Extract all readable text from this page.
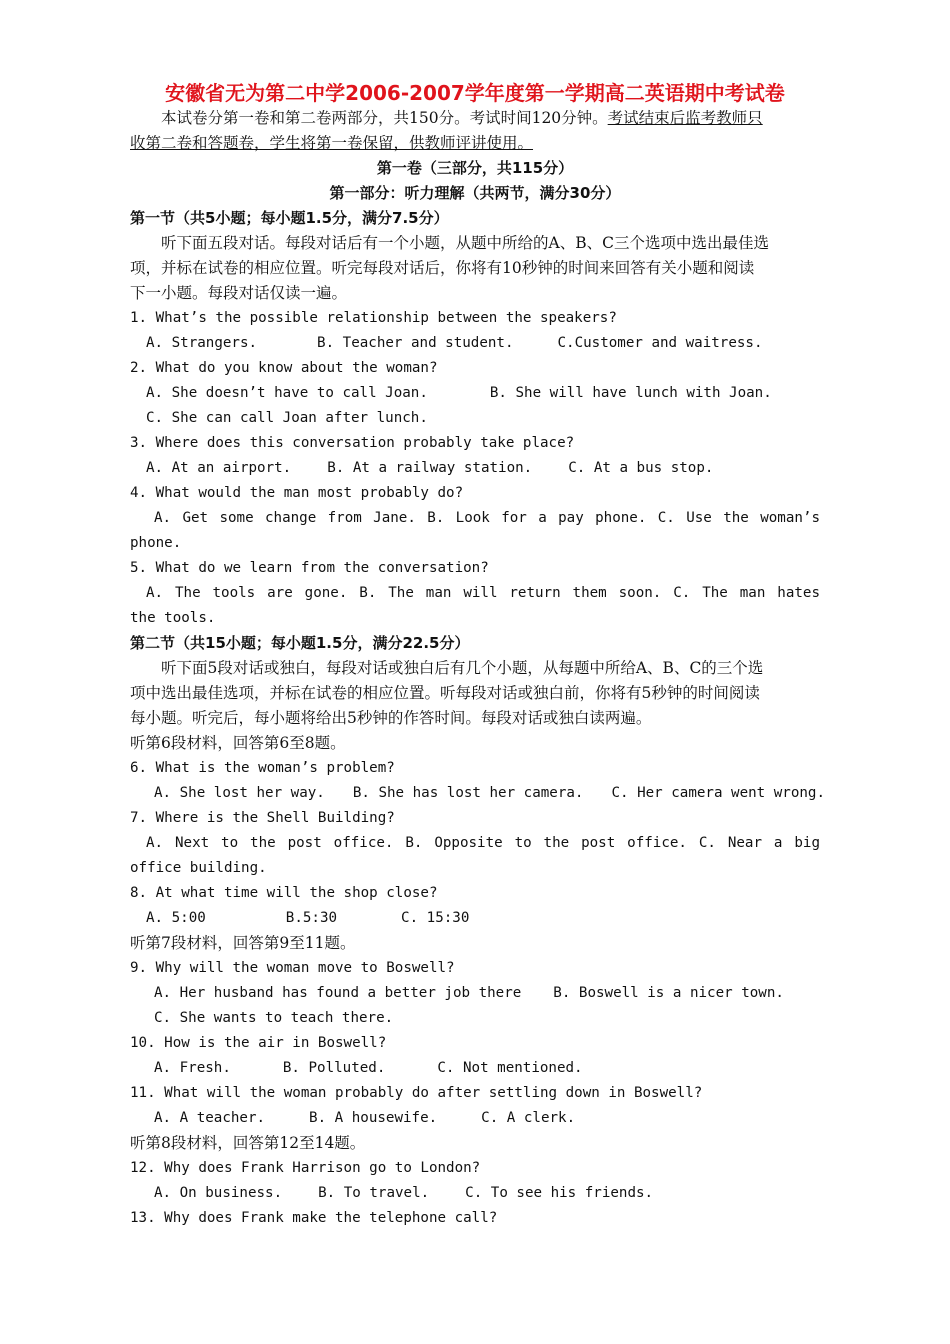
安徽省无为第二中学2006-2007学年度第一学期高二英语期中考试卷
本试卷分第一卷和第二卷两部分，共150分。考试时间120分钟。考试结束后监考教师只
收第二卷和答题卷，学生将第一卷保留，供教师评讲使用。
第一卷（三部分，共115分）
第一部分：听力理解（共两节，满分30分）
第一节（共5小题；每小题1.5分，满分7.5分）
听下面五段对话。每段对话后有一个小题，从题中所给的A、B、C三个选项中选出最佳选
项，并标在试卷的相应位置。听完每段对话后，你将有10秒钟的时间来回答有关小题和阅读
下一小题。每段对话仅读一遍。
1. What’s the possible relationship between the speakers?
A. Strangers.	B. Teacher and student.	C.Customer and waitress.
2. What do you know about the woman?
A. She doesn’t have to call Joan.	B. She will have lunch with Joan.
C. She can call Joan after lunch.
3. Where does this conversation probably take place?
A. At an airport.	B. At a railway station.	C. At a bus stop.
4. What would the man most probably do?
A. Get some change from Jane. B. Look for a pay phone. C. Use the woman’s
phone.
5. What do we learn from the conversation?
A. The tools are gone. B. The man will return them soon. C. The man hates
the tools.
第二节（共15小题；每小题1.5分，满分22.5分）
听下面5段对话或独白，每段对话或独白后有几个小题，从每题中所给A、B、C的三个选
项中选出最佳选项，并标在试卷的相应位置。听每段对话或独白前，你将有5秒钟的时间阅读
每小题。听完后，每小题将给出5秒钟的作答时间。每段对话或独白读两遍。
听第6段材料，回答第6至8题。
6. What is the woman’s problem?
A. She lost her way. B. She has lost her camera. C. Her camera went wrong.
7. Where is the Shell Building?
A. Next to the post office. B. Opposite to the post office. C. Near a big
office building.
8. At what time will the shop close?
A. 5:00	B.5:30	C. 15:30
听第7段材料，回答第9至11题。
9. Why will the woman move to Boswell?
A. Her husband has found a better job there B. Boswell is a nicer town.
C. She wants to teach there.
10. How is the air in Boswell?
A. Fresh.	B. Polluted.	C. Not mentioned.
11. What will the woman probably do after settling down in Boswell?
A. A teacher.	B. A housewife.	C. A clerk.
听第8段材料，回答第12至14题。
12. Why does Frank Harrison go to London?
A. On business.	B. To travel.	C. To see his friends.
13. Why does Frank make the telephone call?
